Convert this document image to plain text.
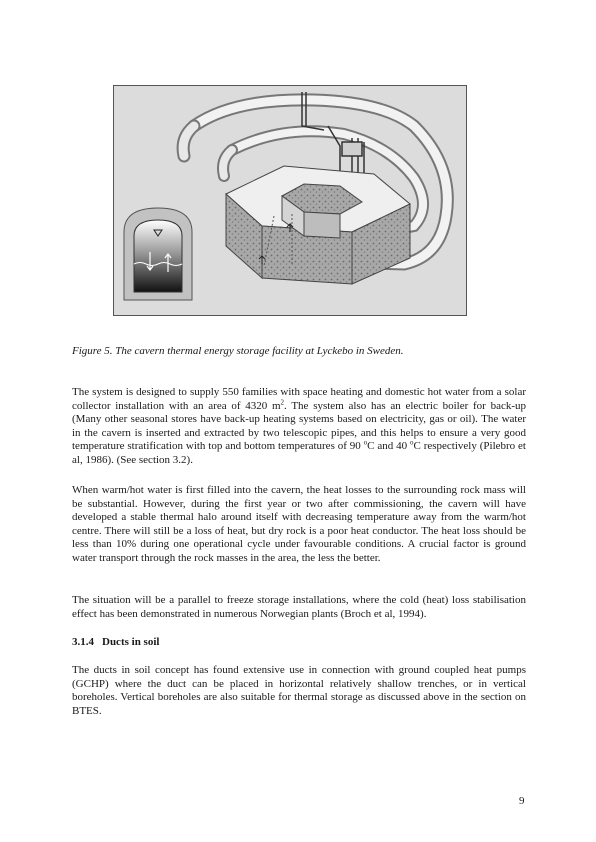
Figure 5. The cavern thermal energy storage facility at Lyckebo in Sweden.

The system is designed to supply 550 families with space heating and domestic hot water from a solar collector installation with an area of 4320 $m^2$. The system also has an electric boiler for back-up (Many other seasonal stores have back-up heating systems based on electricity, gas or oil). The water in the cavern is inserted and extracted by two telescopic pipes, and this helps to ensure a very good temperature stratification with top and bottom temperatures of 90 $^o$C and 40 $^o$C respectively (Pilebro et al, 1986). (See section 3.2).

When warm/hot water is first filled into the cavern, the heat losses to the surrounding rock mass will be substantial. However, during the first year or two after commissioning, the cavern will have developed a stable thermal halo around itself with decreasing temperature away from the warm/hot centre. There will still be a loss of heat, but dry rock is a poor heat conductor. The heat loss should be less than 10% during one operational cycle under favourable conditions. A crucial factor is ground water transport through the rock masses in the area, the less the better.

The situation will be a parallel to freeze storage installations, where the cold (heat) loss stabilisation effect has been demonstrated in numerous Norwegian plants (Broch et al, 1994).

3.1.4 Ducts in soil

The ducts in soil concept has found extensive use in connection with ground coupled heat pumps (GCHP) where the duct can be placed in horizontal relatively shallow trenches, or in vertical boreholes. Vertical boreholes are also suitable for thermal storage as discussed above in the section on BTES.

9
